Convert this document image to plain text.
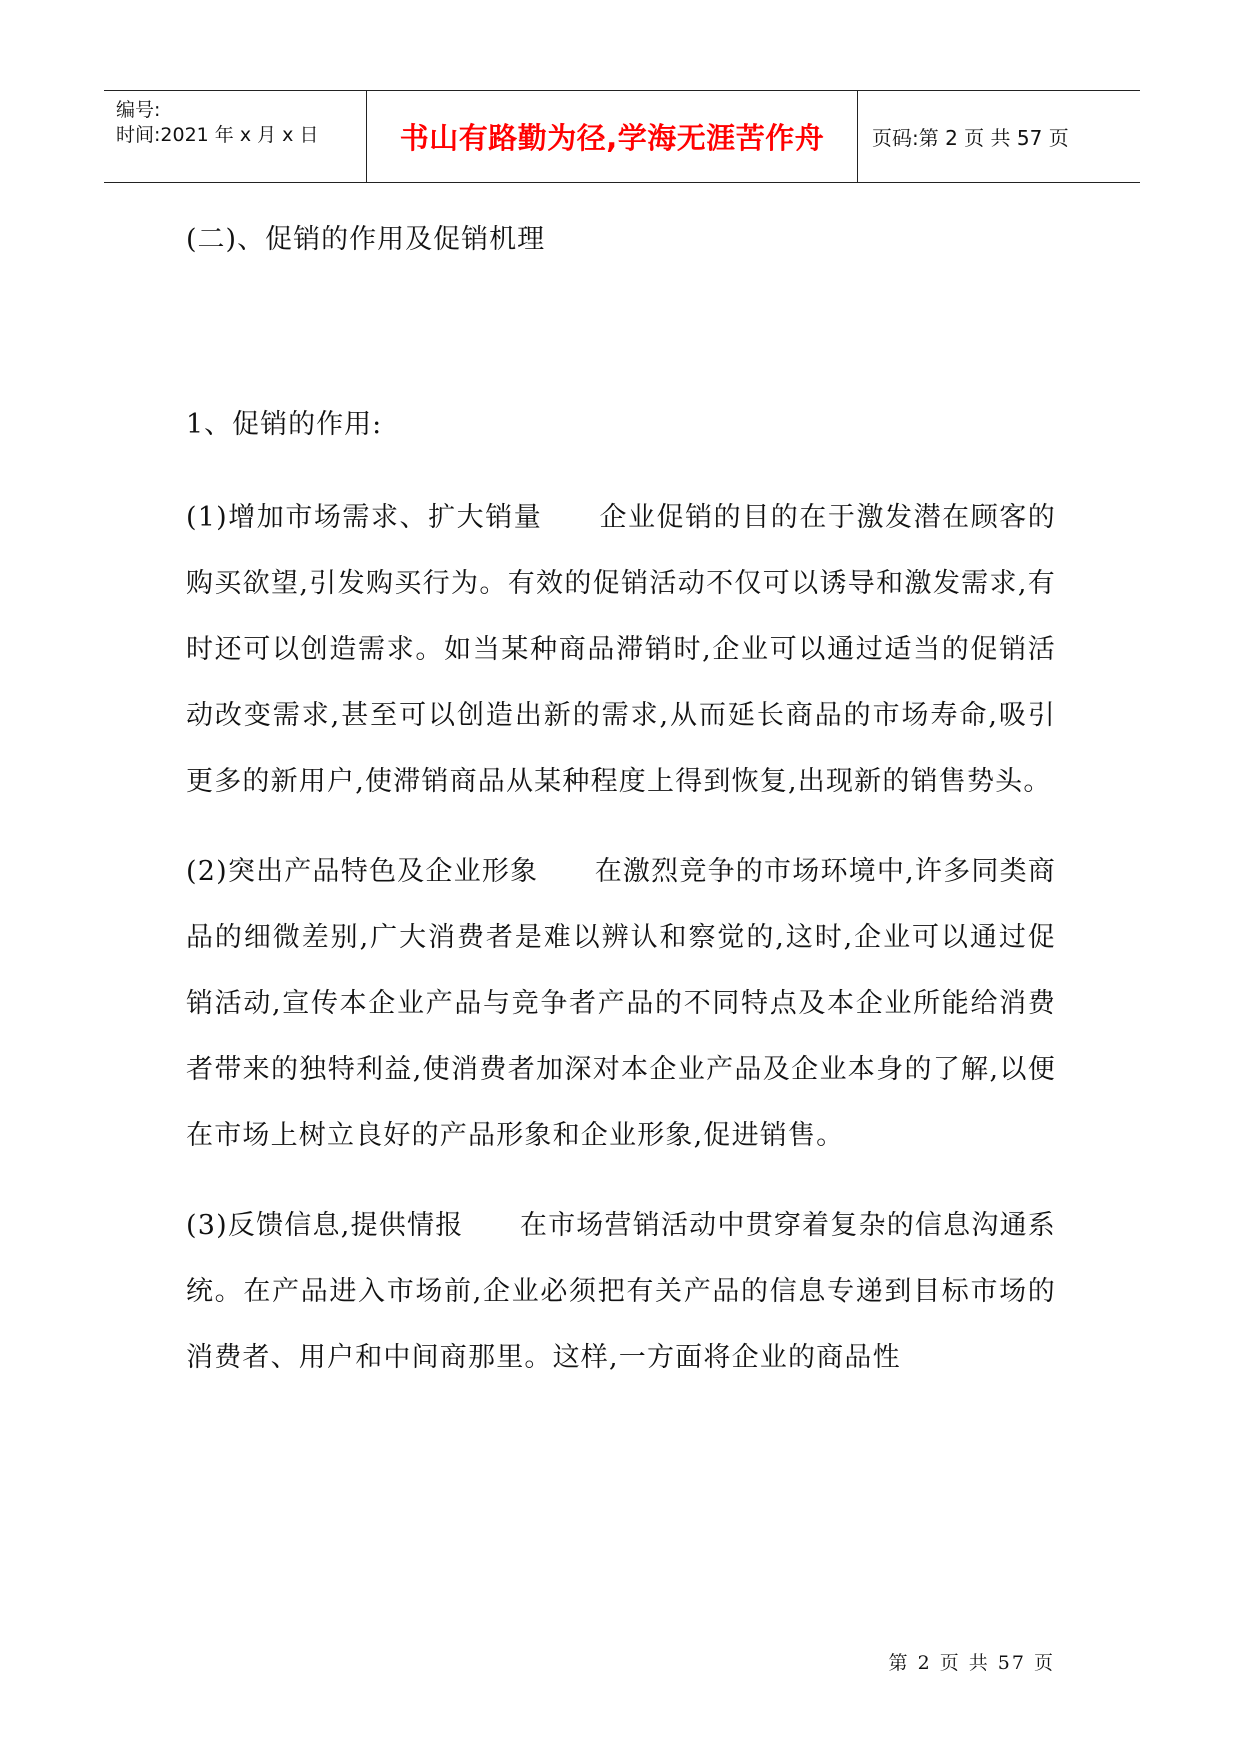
编号:
时间:2021 年 x 月 x 日	书山有路勤为径,学海无涯苦作舟 页码:第 2 页 共 57 页
(二)、促销的作用及促销机理
1、促销的作用:

(1)增加市场需求、扩大销量　　 企业促销的目的在于激发潜在顾客的购买欲望,引发购买行为。有效的促销活动不仅可以诱导和激发需求,有时还可以创造需求。如当某种商品滞销时,企业可以通过适当的促销活动改变需求,甚至可以创造出新的需求,从而延长商品的市场寿命,吸引更多的新用户,使滞销商品从某种程度上得到恢复,出现新的销售势头。

(2)突出产品特色及企业形象　　 在激烈竞争的市场环境中,许多同类商品的细微差别,广大消费者是难以辨认和察觉的,这时,企业可以通过促销活动,宣传本企业产品与竞争者产品的不同特点及本企业所能给消费者带来的独特利益,使消费者加深对本企业产品及企业本身的了解,以便在市场上树立良好的产品形象和企业形象,促进销售。

(3)反馈信息,提供情报　　 在市场营销活动中贯穿着复杂的信息沟通系统。在产品进入市场前,企业必须把有关产品的信息专递到目标市场的消费者、用户和中间商那里。这样,一方面将企业的商品性

第 2 页 共 57 页
